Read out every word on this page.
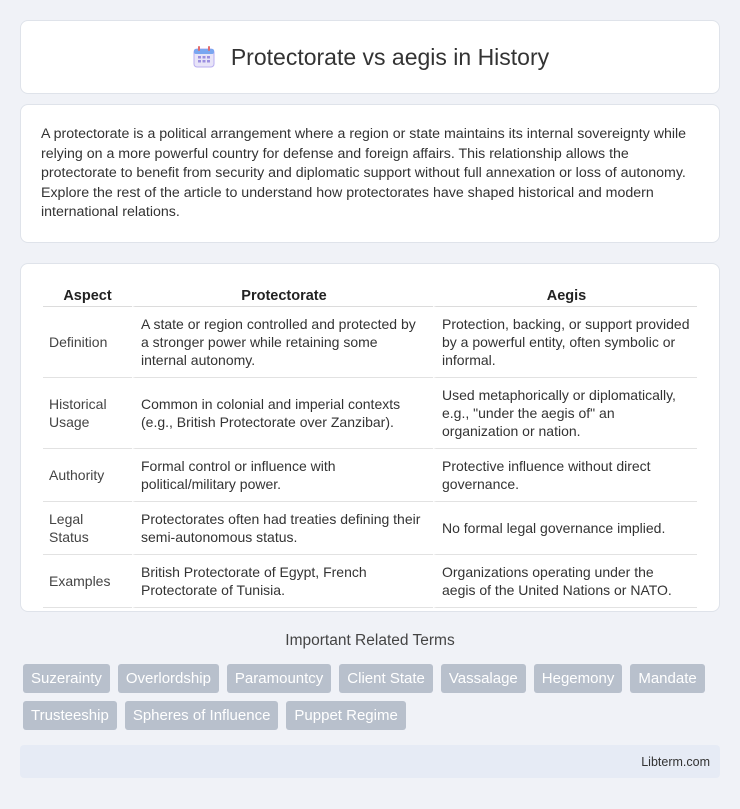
Protectorate vs aegis in History

A protectorate is a political arrangement where a region or state maintains its internal sovereignty while relying on a more powerful country for defense and foreign affairs. This relationship allows the protectorate to benefit from security and diplomatic support without full annexation or loss of autonomy. Explore the rest of the article to understand how protectorates have shaped historical and modern international relations.

Aspect	Protectorate	Aegis
Definition	A state or region controlled and protected by a stronger power while retaining some internal autonomy.	Protection, backing, or support provided by a powerful entity, often symbolic or informal.
Historical Usage	Common in colonial and imperial contexts (e.g., British Protectorate over Zanzibar).	Used metaphorically or diplomatically, e.g., "under the aegis of" an organization or nation.
Authority	Formal control or influence with political/military power.	Protective influence without direct governance.
Legal Status	Protectorates often had treaties defining their semi-autonomous status.	No formal legal governance implied.
Examples	British Protectorate of Egypt, French Protectorate of Tunisia.	Organizations operating under the aegis of the United Nations or NATO.
Important Related Terms
Suzerainty	Overlordship	Paramountcy	Client State	Vassalage	Hegemony	Mandate
Trusteeship	Spheres of Influence	Puppet Regime
Libterm.com
